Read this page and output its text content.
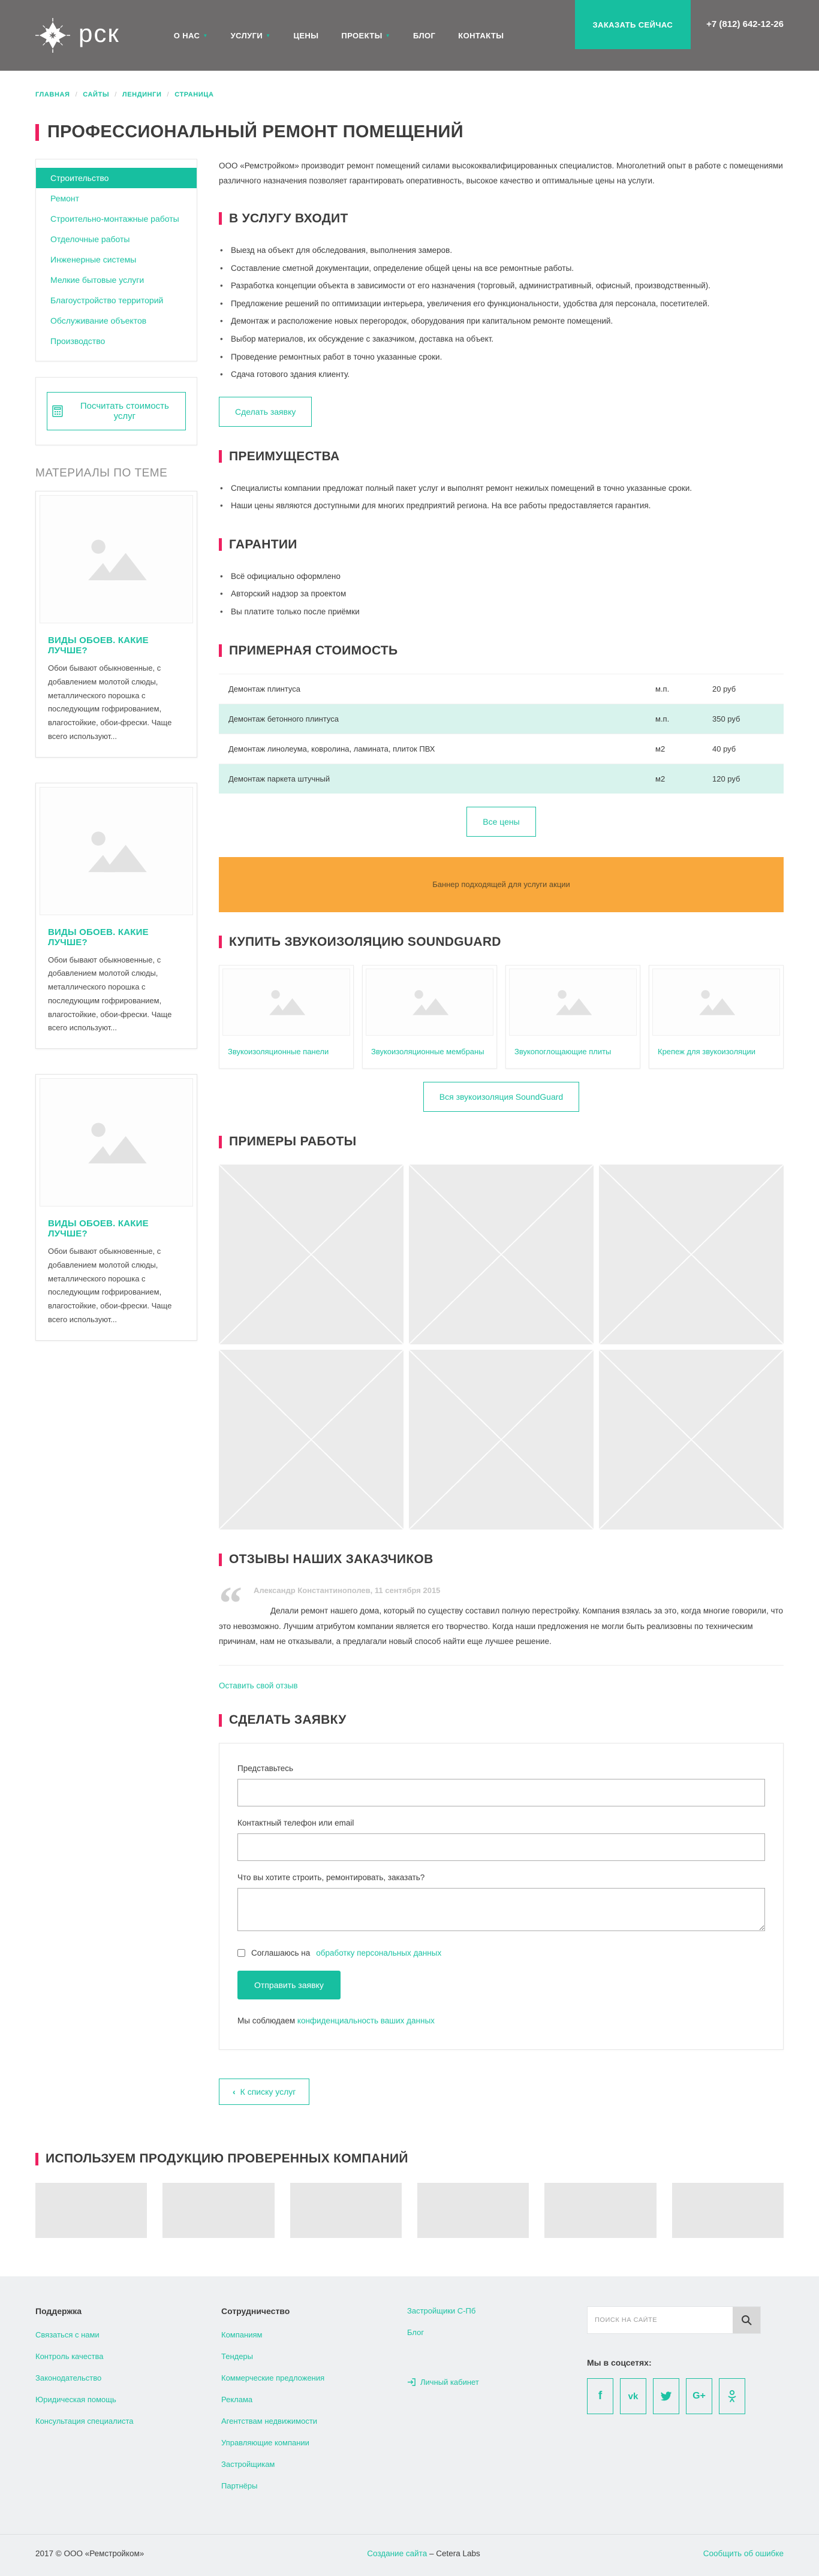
рск	О НАС ▼	УСЛУГИ ▼	ЦЕНЫ	ПРОЕКТЫ ▼	БЛОГ	КОНТАКТЫ
ЗАКАЗАТЬ СЕЙЧАС	+7 (812) 642-12-26
ГЛАВНАЯ / САЙТЫ / ЛЕНДИНГИ / СТРАНИЦА
ПРОФЕССИОНАЛЬНЫЙ РЕМОНТ ПОМЕЩЕНИЙ
Строительство
Ремонт
Строительно-монтажные работы
Отделочные работы
Инженерные системы
Мелкие бытовые услуги
Благоустройство территорий
Обслуживание объектов
Производство
Посчитать стоимость услуг
МАТЕРИАЛЫ ПО ТЕМЕ
ВИДЫ ОБОЕВ. КАКИЕ ЛУЧШЕ?

Обои бывают обыкновенные, с добавлением молотой слюды, металлического порошка с последующим гофрированием, влагостойкие, обои-фрески. Чаще всего используют...

ВИДЫ ОБОЕВ. КАКИЕ ЛУЧШЕ?

Обои бывают обыкновенные, с добавлением молотой слюды, металлического порошка с последующим гофрированием, влагостойкие, обои-фрески. Чаще всего используют...

ВИДЫ ОБОЕВ. КАКИЕ ЛУЧШЕ?

Обои бывают обыкновенные, с добавлением молотой слюды, металлического порошка с последующим гофрированием, влагостойкие, обои-фрески. Чаще всего используют...

ООО «Ремстройком» производит ремонт помещений силами высококвалифицированных специалистов. Многолетний опыт в работе с помещениями различного назначения позволяет гарантировать оперативность, высокое качество и оптимальные цены на услуги.

В УСЛУГУ ВХОДИТ
• Выезд на объект для обследования, выполнения замеров.
• Составление сметной документации, определение общей цены на все ремонтные работы.
• Разработка концепции объекта в зависимости от его назначения (торговый, административный, офисный, производственный).
• Предложение решений по оптимизации интерьера, увеличения его функциональности, удобства для персонала, посетителей.
• Демонтаж и расположение новых перегородок, оборудования при капитальном ремонте помещений.
• Выбор материалов, их обсуждение с заказчиком, доставка на объект.
• Проведение ремонтных работ в точно указанные сроки.
• Сдача готового здания клиенту.
Сделать заявку
ПРЕИМУЩЕСТВА
• Специалисты компании предложат полный пакет услуг и выполнят ремонт нежилых помещений в точно указанные сроки.
• Наши цены являются доступными для многих предприятий региона. На все работы предоставляется гарантия.
ГАРАНТИИ
• Всё официально оформлено
• Авторский надзор за проектом
• Вы платите только после приёмки
ПРИМЕРНАЯ СТОИМОСТЬ
Демонтаж плинтуса	м.п.	20 руб
Демонтаж бетонного плинтуса	м.п.	350 руб
Демонтаж линолеума, ковролина, ламината, плиток ПВХ	м2	40 руб
Демонтаж паркета штучный	м2	120 руб
Все цены
Баннер подходящей для услуги акции
КУПИТЬ ЗВУКОИЗОЛЯЦИЮ SOUNDGUARD
Звукоизоляционные панели	Звукоизоляционные мембраны	Звукопоглощающие плиты	Крепеж для звукоизоляции
Вся звукоизоляция SoundGuard
ПРИМЕРЫ РАБОТЫ
ОТЗЫВЫ НАШИХ ЗАКАЗЧИКОВ
“	Александр Константинополев, 11 сентября 2015

Делали ремонт нашего дома, который по существу составил полную перестройку. Компания взялась за это, когда многие говорили, что это невозможно. Лучшим атрибутом компании является его творчество. Когда наши предложения не могли быть реализовны по техническим причинам, нам не отказывали, а предлагали новый способ найти еще лучшее решение.

Оставить свой отзыв
СДЕЛАТЬ ЗАЯВКУ
Представьтесь
Контактный телефон или email
Что вы хотите строить, ремонтировать, заказать?
Соглашаюсь на обработку персональных данных
Отправить заявку

Мы соблюдаем конфиденциальность ваших данных

‹ К списку услуг
ИСПОЛЬЗУЕМ ПРОДУКЦИЮ ПРОВЕРЕННЫХ КОМПАНИЙ
Поддержка
Связаться с нами
Контроль качества
Законодательство
Юридическая помощь
Консультация специалиста
Сотрудничество
Компаниям
Тендеры
Коммерческие предложения
Реклама
Агентствам недвижимости
Управляющие компании
Застройщикам
Партнёры
Застройщики С-Пб
Блог
Личный кабинет
ПОИСК НА САЙТЕ
Мы в соцсетях:
f	vk	G+
2017 © ООО «Ремстройком»	Создание сайта – Cetera Labs	Сообщить об ошибке
